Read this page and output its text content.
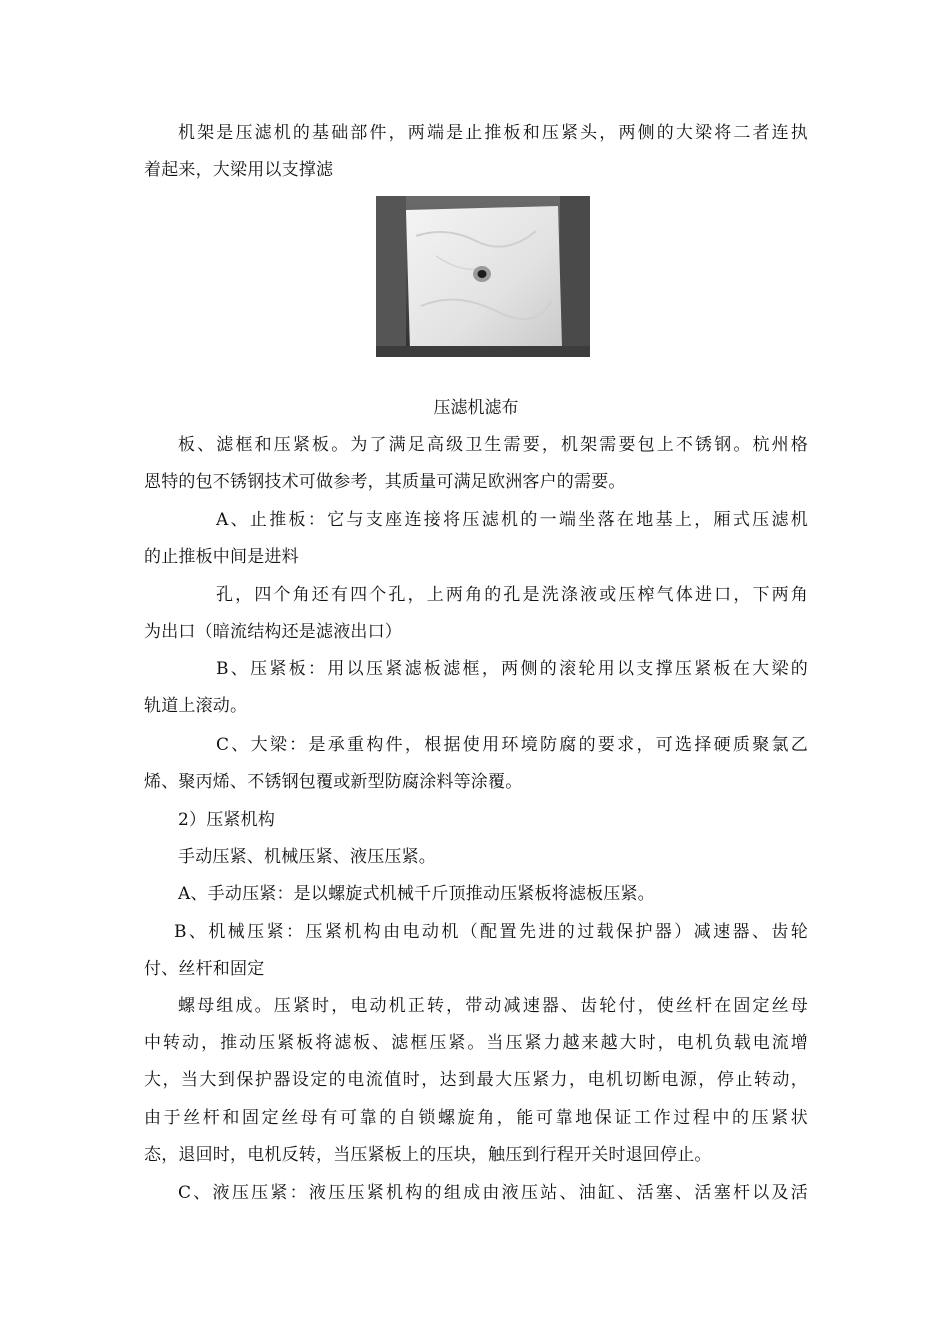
机架是压滤机的基础部件，两端是止推板和压紧头，两侧的大梁将二者连执
着起来，大梁用以支撑滤
压滤机滤布
板、滤框和压紧板。为了满足高级卫生需要，机架需要包上不锈钢。杭州格
恩特的包不锈钢技术可做参考，其质量可满足欧洲客户的需要。
A、止推板：它与支座连接将压滤机的一端坐落在地基上，厢式压滤机
的止推板中间是进料
孔，四个角还有四个孔，上两角的孔是洗涤液或压榨气体进口，下两角
为出口（暗流结构还是滤液出口）
B、压紧板：用以压紧滤板滤框，两侧的滚轮用以支撑压紧板在大梁的
轨道上滚动。
C、大梁：是承重构件，根据使用环境防腐的要求，可选择硬质聚氯乙
烯、聚丙烯、不锈钢包覆或新型防腐涂料等涂覆。
2）压紧机构
手动压紧、机械压紧、液压压紧。
A、手动压紧：是以螺旋式机械千斤顶推动压紧板将滤板压紧。
B、机械压紧：压紧机构由电动机（配置先进的过载保护器）减速器、齿轮
付、丝杆和固定
螺母组成。压紧时，电动机正转，带动减速器、齿轮付，使丝杆在固定丝母
中转动，推动压紧板将滤板、滤框压紧。当压紧力越来越大时，电机负载电流增
大，当大到保护器设定的电流值时，达到最大压紧力，电机切断电源，停止转动，
由于丝杆和固定丝母有可靠的自锁螺旋角，能可靠地保证工作过程中的压紧状
态，退回时，电机反转，当压紧板上的压块，触压到行程开关时退回停止。
C、液压压紧：液压压紧机构的组成由液压站、油缸、活塞、活塞杆以及活
